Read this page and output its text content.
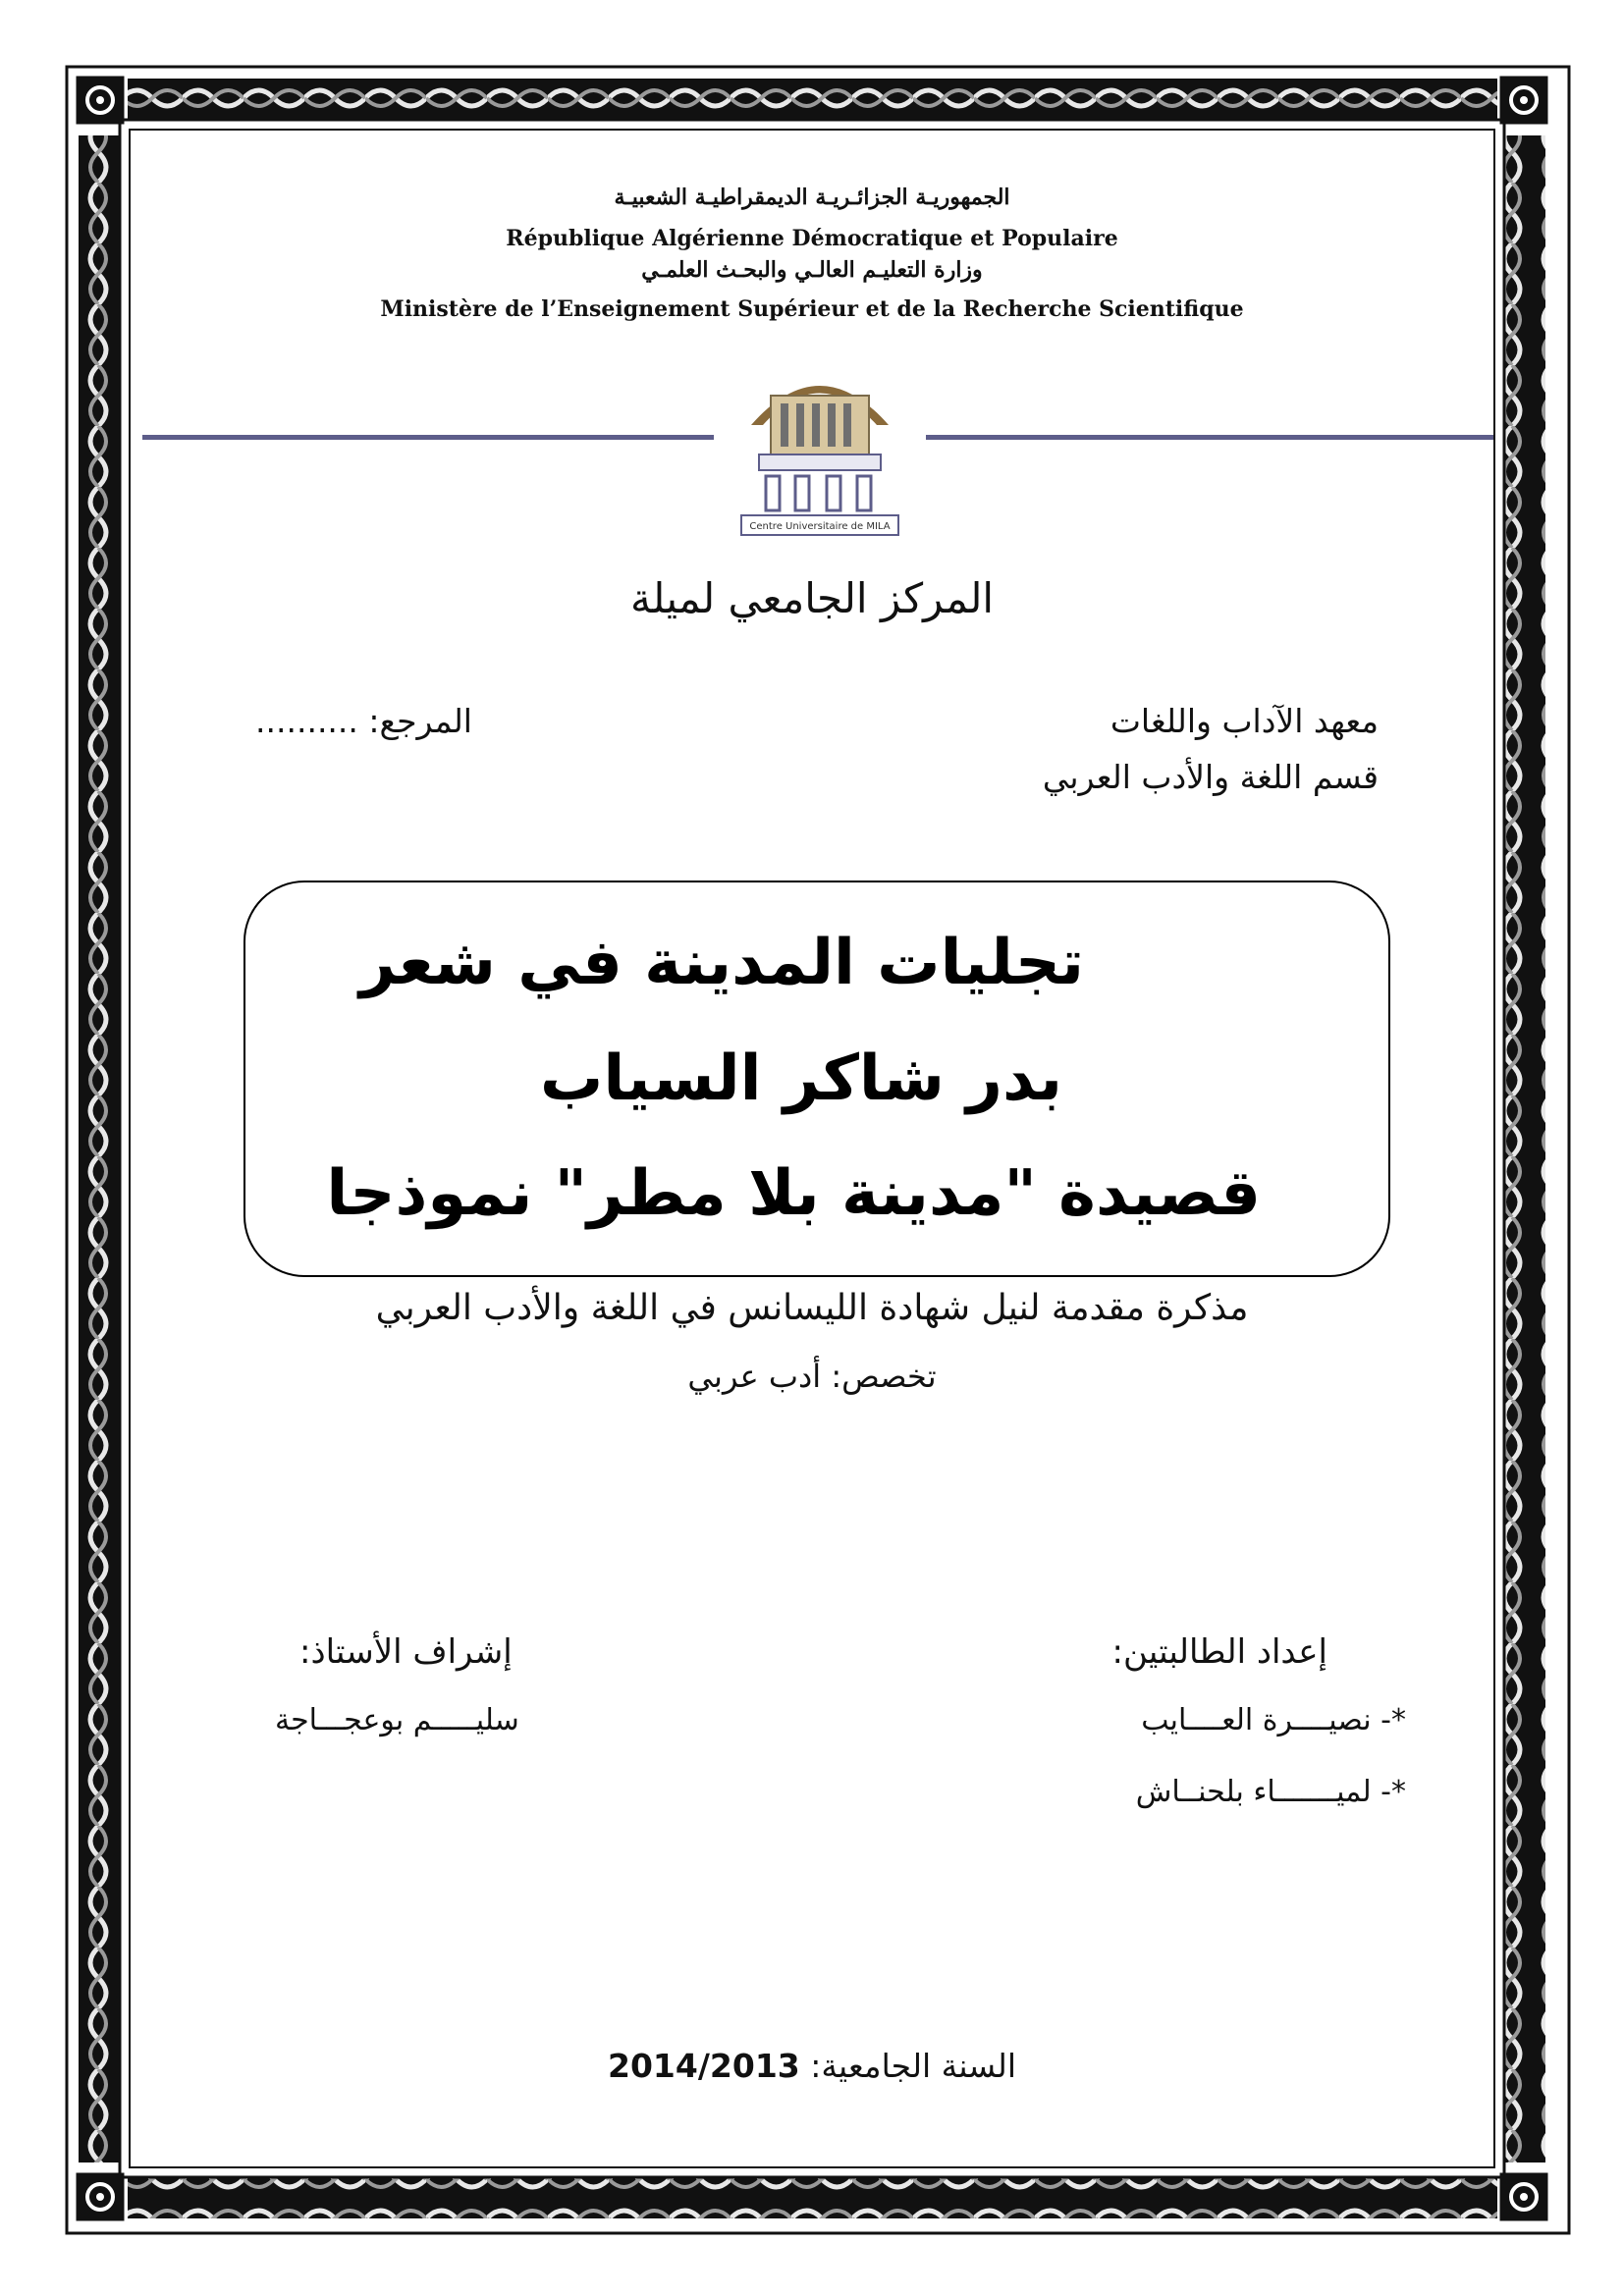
الجمهوريـة الجزائـريـة الديمقراطيـة الشعبيـة
République Algérienne Démocratique et Populaire
وزارة التعليـم العالـي والبحـث العلمـي
Ministère de l’Enseignement Supérieur et de la Recherche Scientifique
Centre Universitaire de MILA
المركز الجامعي لميلة
معهد الآداب واللغات
قسم اللغة والأدب العربي
المرجع: ..........
تجليات المدينة في شعر
بدر شاكر السياب
قصيدة "مدينة بلا مطر" نموذجا
مذكرة مقدمة لنيل شهادة الليسانس في اللغة والأدب العربي
تخصص: أدب عربي
إعداد الطالبتين:
*- نصيــــرة العــــايب
*- لميـــــــاء بلحنــاش
إشراف الأستاذ:
سليـــــم بوعجـــاجة
السنة الجامعية: 2014/2013
